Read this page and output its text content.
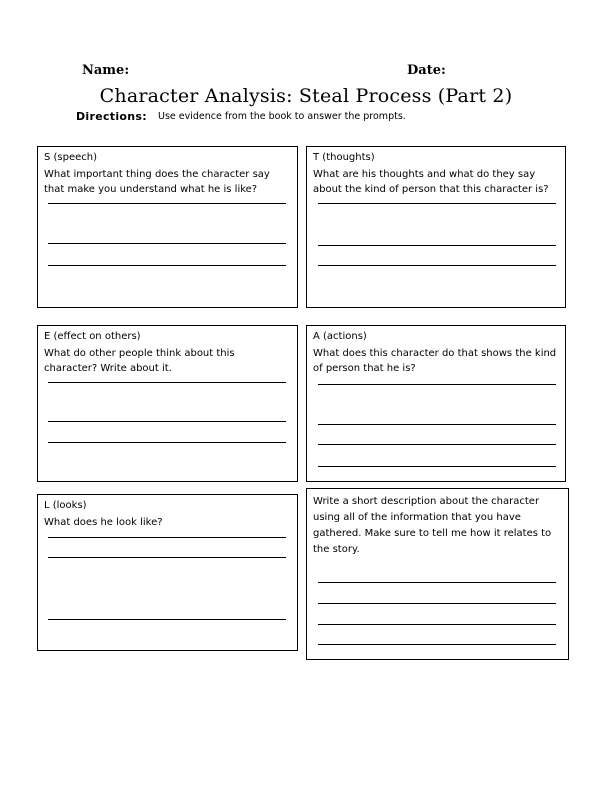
Name:	Date:
Character Analysis: Steal Process (Part 2)
Directions: Use evidence from the book to answer the prompts.
S (speech)
What important thing does the character say
that make you understand what he is like?
T (thoughts)
What are his thoughts and what do they say
about the kind of person that this character is?
E (effect on others)
What do other people think about this
character? Write about it.
A (actions)
What does this character do that shows the kind
of person that he is?
L (looks)
What does he look like?
Write a short description about the character
using all of the information that you have
gathered. Make sure to tell me how it relates to
the story.
